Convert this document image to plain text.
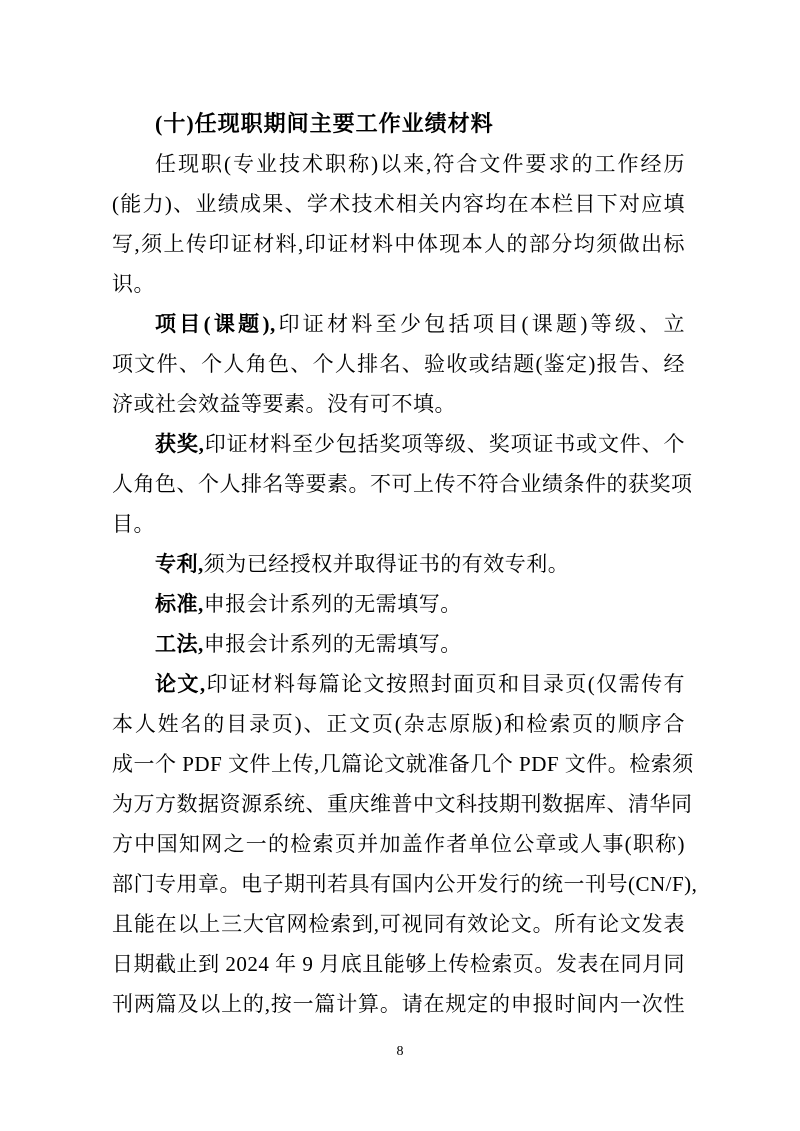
(十)任现职期间主要工作业绩材料
任现职(专业技术职称)以来,符合文件要求的工作经历
(能力)、业绩成果、学术技术相关内容均在本栏目下对应填
写,须上传印证材料,印证材料中体现本人的部分均须做出标
识。
项目(课题),印证材料至少包括项目(课题)等级、立
项文件、个人角色、个人排名、验收或结题(鉴定)报告、经
济或社会效益等要素。没有可不填。
获奖,印证材料至少包括奖项等级、奖项证书或文件、个
人角色、个人排名等要素。不可上传不符合业绩条件的获奖项
目。
专利,须为已经授权并取得证书的有效专利。
标准,申报会计系列的无需填写。
工法,申报会计系列的无需填写。
论文,印证材料每篇论文按照封面页和目录页(仅需传有
本人姓名的目录页)、正文页(杂志原版)和检索页的顺序合
成一个 PDF 文件上传,几篇论文就准备几个 PDF 文件。检索须
为万方数据资源系统、重庆维普中文科技期刊数据库、清华同
方中国知网之一的检索页并加盖作者单位公章或人事(职称)
部门专用章。电子期刊若具有国内公开发行的统一刊号(CN/F),
且能在以上三大官网检索到,可视同有效论文。所有论文发表
日期截止到 2024 年 9 月底且能够上传检索页。发表在同月同
刊两篇及以上的,按一篇计算。请在规定的申报时间内一次性
8
